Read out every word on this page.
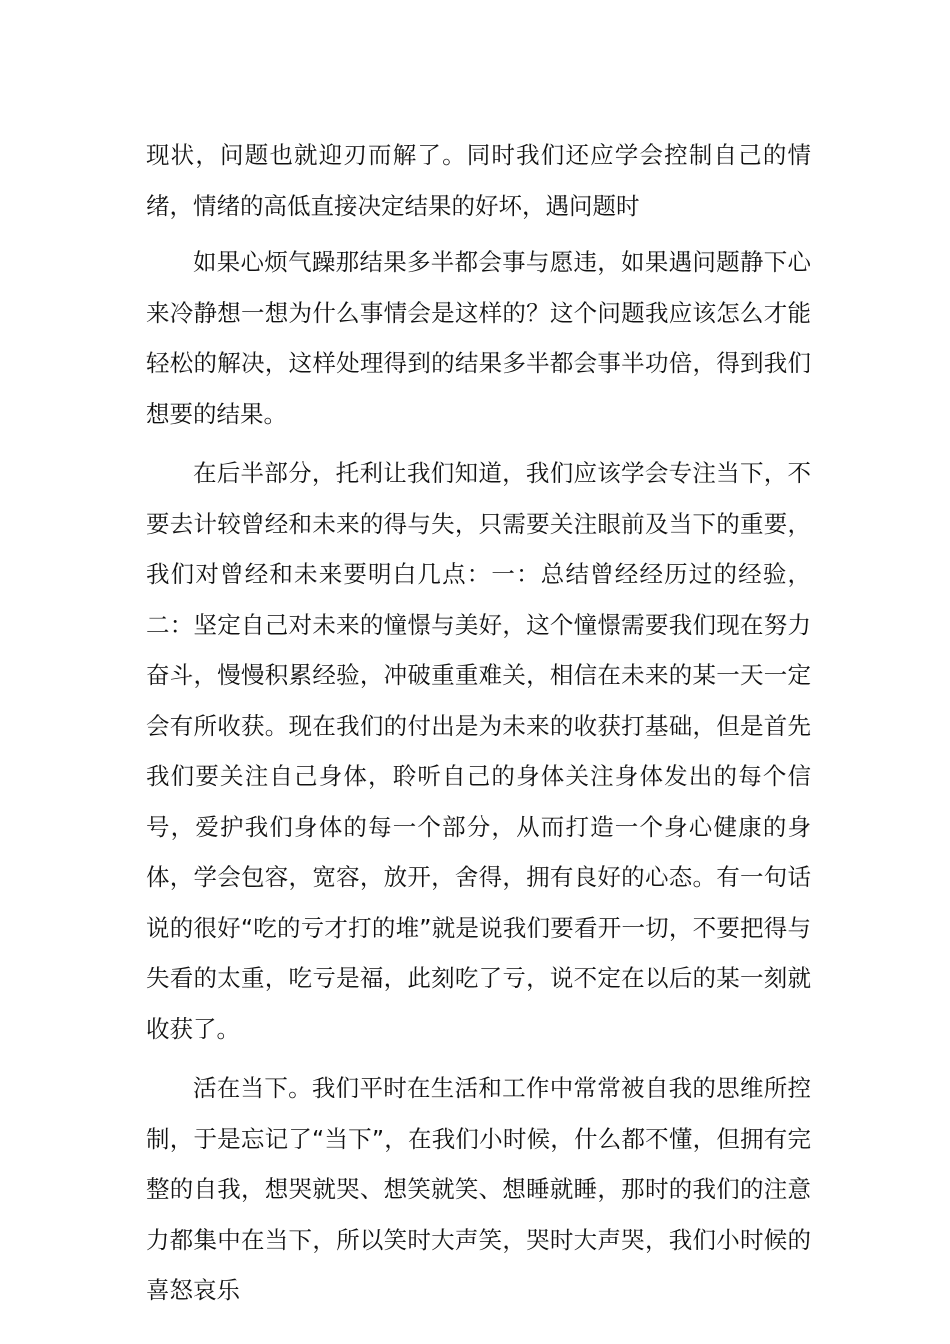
现状，问题也就迎刃而解了。同时我们还应学会控制自己的情绪，情绪的高低直接决定结果的好坏，遇问题时

如果心烦气躁那结果多半都会事与愿违，如果遇问题静下心来冷静想一想为什么事情会是这样的？这个问题我应该怎么才能轻松的解决，这样处理得到的结果多半都会事半功倍，得到我们想要的结果。

在后半部分，托利让我们知道，我们应该学会专注当下，不要去计较曾经和未来的得与失，只需要关注眼前及当下的重要，我们对曾经和未来要明白几点：一：总结曾经经历过的经验，二：坚定自己对未来的憧憬与美好，这个憧憬需要我们现在努力奋斗，慢慢积累经验，冲破重重难关，相信在未来的某一天一定会有所收获。现在我们的付出是为未来的收获打基础，但是首先我们要关注自己身体，聆听自己的身体关注身体发出的每个信号，爱护我们身体的每一个部分，从而打造一个身心健康的身体，学会包容，宽容，放开，舍得，拥有良好的心态。有一句话说的很好“吃的亏才打的堆”就是说我们要看开一切，不要把得与失看的太重，吃亏是福，此刻吃了亏，说不定在以后的某一刻就收获了。

活在当下。我们平时在生活和工作中常常被自我的思维所控制，于是忘记了“当下”，在我们小时候，什么都不懂，但拥有完整的自我，想哭就哭、想笑就笑、想睡就睡，那时的我们的注意力都集中在当下，所以笑时大声笑，哭时大声哭，我们小时候的喜怒哀乐
